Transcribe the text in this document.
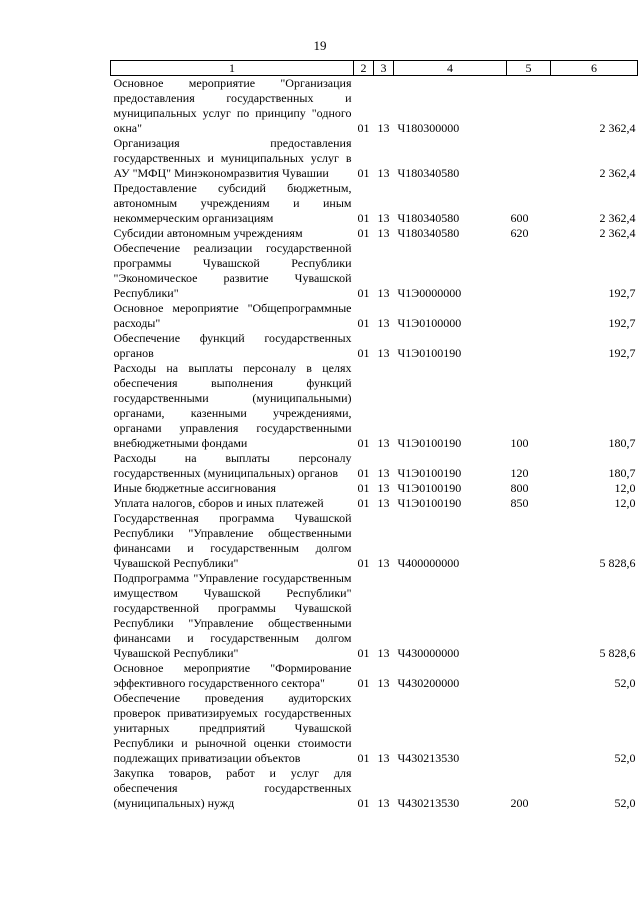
19
1	2	3	4	5	6
Основное мероприятие "Организация предоставления государственных и муниципальных услуг по принципу "одного окна"	01	13	Ч180300000		2 362,4
Организация предоставления государственных и муниципальных услуг в АУ "МФЦ" Минэкономразвития Чувашии	01	13	Ч180340580		2 362,4
Предоставление субсидий бюджетным, автономным учреждениям и иным некоммерческим организациям	01	13	Ч180340580	600	2 362,4
Субсидии автономным учреждениям	01	13	Ч180340580	620	2 362,4
Обеспечение реализации государственной программы Чувашской Республики "Экономическое развитие Чувашской Республики"	01	13	Ч1Э0000000		192,7
Основное мероприятие "Общепрограммные расходы"	01	13	Ч1Э0100000		192,7
Обеспечение функций государственных органов	01	13	Ч1Э0100190		192,7
Расходы на выплаты персоналу в целях обеспечения выполнения функций государственными (муниципальными) органами, казенными учреждениями, органами управления государственными внебюджетными фондами	01	13	Ч1Э0100190	100	180,7
Расходы на выплаты персоналу государственных (муниципальных) органов	01	13	Ч1Э0100190	120	180,7
Иные бюджетные ассигнования	01	13	Ч1Э0100190	800	12,0
Уплата налогов, сборов и иных платежей	01	13	Ч1Э0100190	850	12,0
Государственная программа Чувашской Республики "Управление общественными финансами и государственным долгом Чувашской Республики"	01	13	Ч400000000		5 828,6
Подпрограмма "Управление государственным имуществом Чувашской Республики" государственной программы Чувашской Республики "Управление общественными финансами и государственным долгом Чувашской Республики"	01	13	Ч430000000		5 828,6
Основное мероприятие "Формирование эффективного государственного сектора"	01	13	Ч430200000		52,0
Обеспечение проведения аудиторских проверок приватизируемых государственных унитарных предприятий Чувашской Республики и рыночной оценки стоимости подлежащих приватизации объектов	01	13	Ч430213530		52,0
Закупка товаров, работ и услуг для обеспечения государственных (муниципальных) нужд	01	13	Ч430213530	200	52,0
